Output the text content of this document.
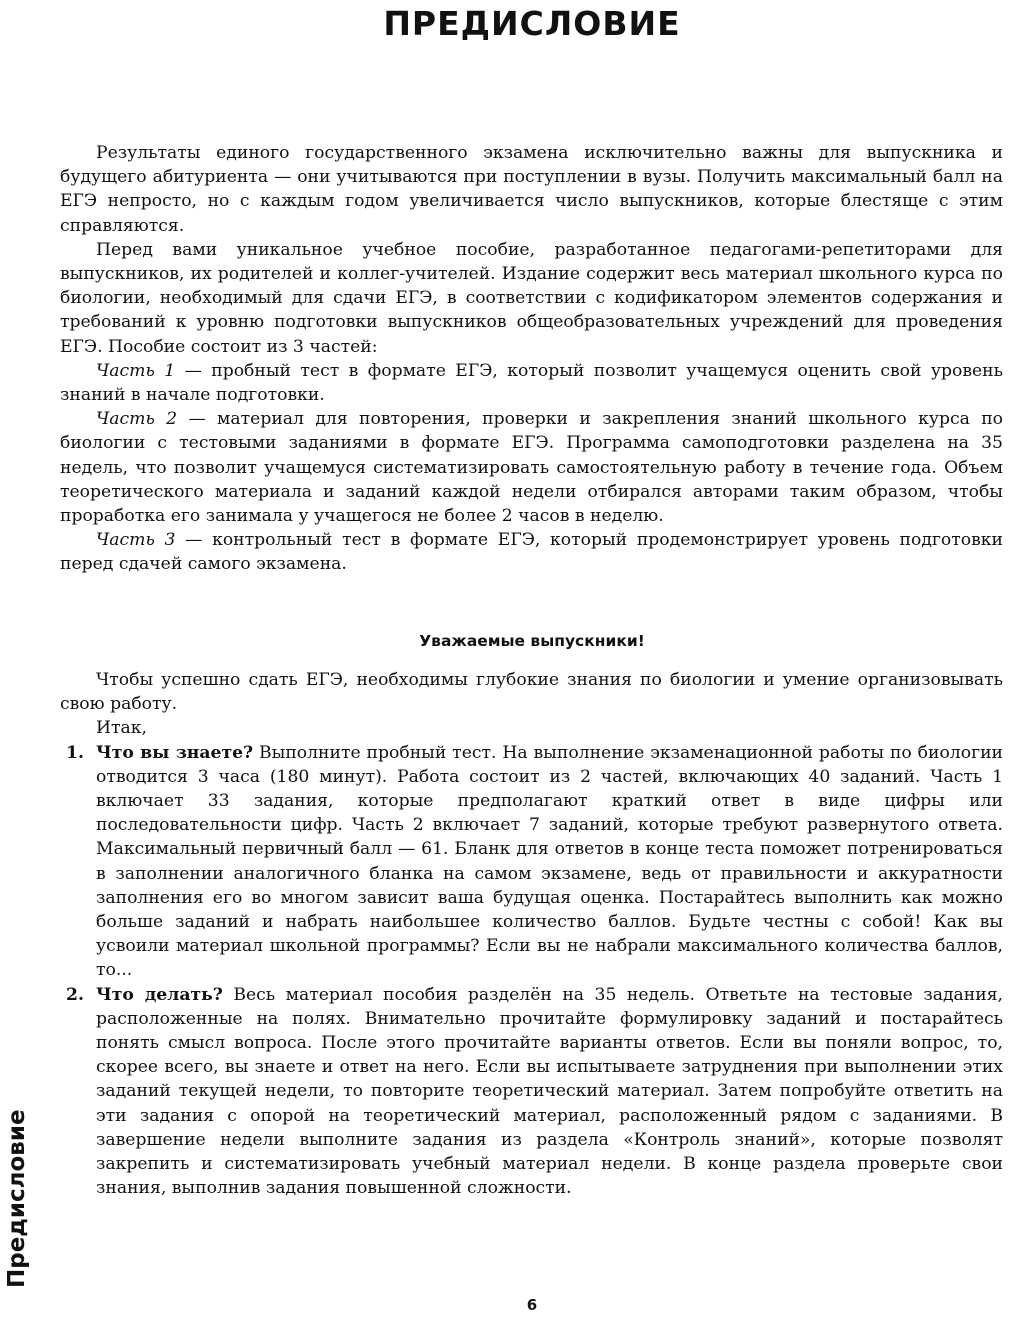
ПРЕДИСЛОВИЕ

Результаты единого государственного экзамена исключительно важны для выпускника и будущего абитуриента — они учитываются при поступлении в вузы. Получить максимальный балл на ЕГЭ непросто, но с каждым годом увеличивается число выпускников, которые блестяще с этим справляются.

Перед вами уникальное учебное пособие, разработанное педагогами-репетиторами для выпускников, их родителей и коллег-учителей. Издание содержит весь материал школьного курса по биологии, необходимый для сдачи ЕГЭ, в соответствии с кодификатором элементов содержания и требований к уровню подготовки выпускников общеобразовательных учреждений для проведения ЕГЭ. Пособие состоит из 3 частей:

Часть 1 — пробный тест в формате ЕГЭ, который позволит учащемуся оценить свой уровень знаний в начале подготовки.

Часть 2 — материал для повторения, проверки и закрепления знаний школьного курса по биологии с тестовыми заданиями в формате ЕГЭ. Программа самоподготовки разделена на 35 недель, что позволит учащемуся систематизировать самостоятельную работу в течение года. Объем теоретического материала и заданий каждой недели отбирался авторами таким образом, чтобы проработка его занимала у учащегося не более 2 часов в неделю.

Часть 3 — контрольный тест в формате ЕГЭ, который продемонстрирует уровень подготовки перед сдачей самого экзамена.

Уважаемые выпускники!

Чтобы успешно сдать ЕГЭ, необходимы глубокие знания по биологии и умение организовывать свою работу.

Итак,

1. Что вы знаете? Выполните пробный тест. На выполнение экзаменационной работы по биологии отводится 3 часа (180 минут). Работа состоит из 2 частей, включающих 40 заданий. Часть 1 включает 33 задания, которые предполагают краткий ответ в виде цифры или последовательности цифр. Часть 2 включает 7 заданий, которые требуют развернутого ответа. Максимальный первичный балл — 61. Бланк для ответов в конце теста поможет потренироваться в заполнении аналогичного бланка на самом экзамене, ведь от правильности и аккуратности заполнения его во многом зависит ваша будущая оценка. Постарайтесь выполнить как можно больше заданий и набрать наибольшее количество баллов. Будьте честны с собой! Как вы усвоили материал школьной программы? Если вы не набрали максимального количества баллов, то...
2. Что делать? Весь материал пособия разделён на 35 недель. Ответьте на тестовые задания, расположенные на полях. Внимательно прочитайте формулировку заданий и постарайтесь понять смысл вопроса. После этого прочитайте варианты ответов. Если вы поняли вопрос, то, скорее всего, вы знаете и ответ на него. Если вы испытываете затруднения при выполнении этих заданий текущей недели, то повторите теоретический материал. Затем попробуйте ответить на эти задания с опорой на теоретический материал, расположенный рядом с заданиями. В завершение недели выполните задания из раздела «Контроль знаний», которые позволят закрепить и систематизировать учебный материал недели. В конце раздела проверьте свои знания, выполнив задания повышенной сложности.
Предисловие
6
